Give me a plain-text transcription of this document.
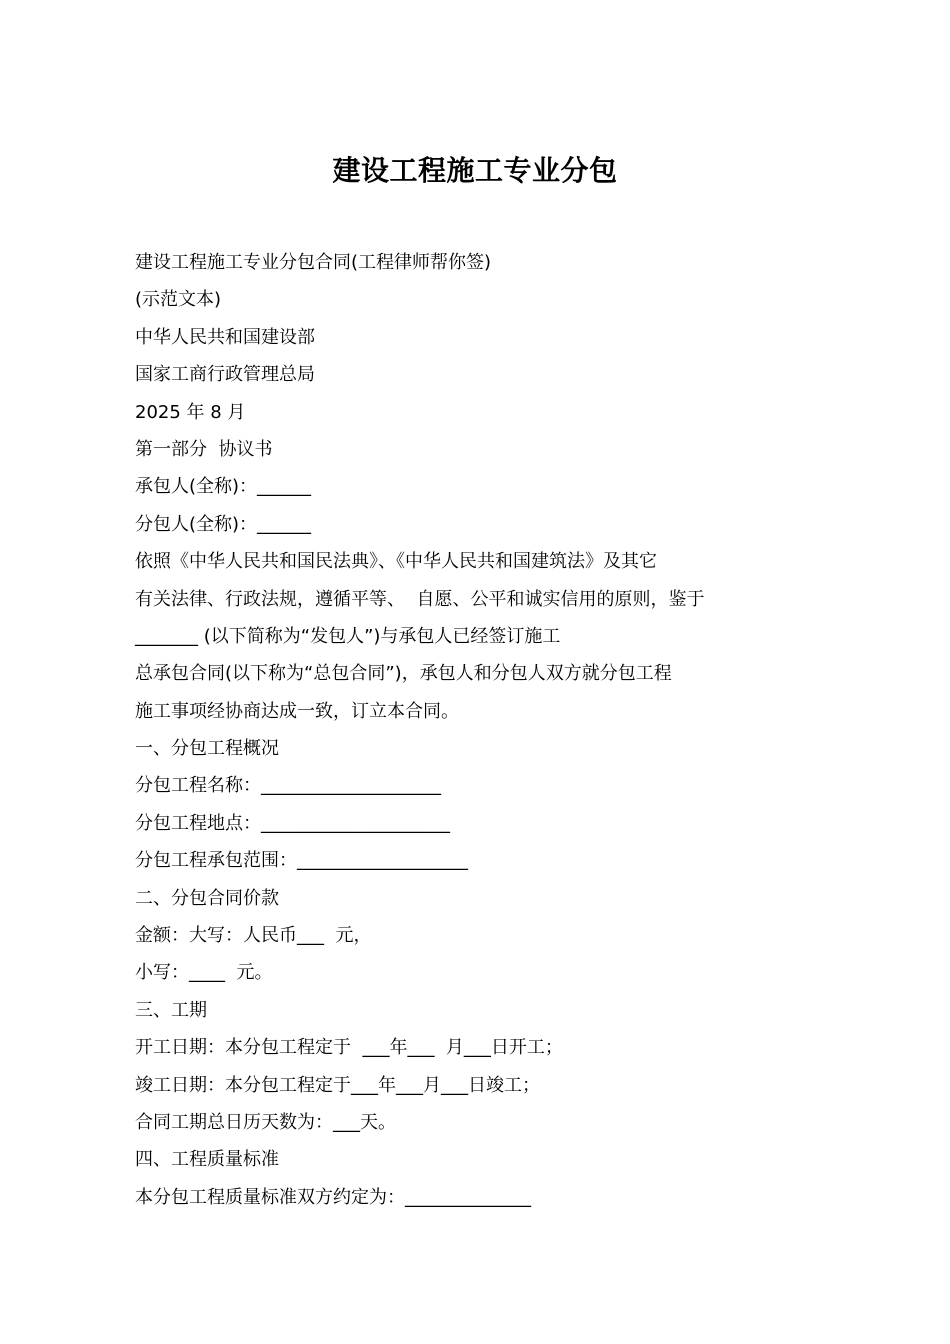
建设工程施工专业分包
建设工程施工专业分包合同(工程律师帮你签)
(示范文本)
中华人民共和国建设部
国家工商行政管理总局
2025 年 8 月
第一部分  协议书
承包人(全称)：______
分包人(全称)：______
依照《中华人民共和国民法典》、《中华人民共和国建筑法》及其它
有关法律、行政法规，遵循平等、  自愿、公平和诚实信用的原则，鉴于
_______ (以下简称为“发包人”)与承包人已经签订施工
总承包合同(以下称为“总包合同”)，承包人和分包人双方就分包工程
施工事项经协商达成一致，订立本合同。
一、分包工程概况
分包工程名称：____________________
分包工程地点：_____________________
分包工程承包范围：___________________
二、分包合同价款
金额：大写：人民币___  元，
小写：____  元。
三、工期
开工日期：本分包工程定于  ___年___  月___日开工；
竣工日期：本分包工程定于___年___月___日竣工；
合同工期总日历天数为：___天。
四、工程质量标准
本分包工程质量标准双方约定为：______________
